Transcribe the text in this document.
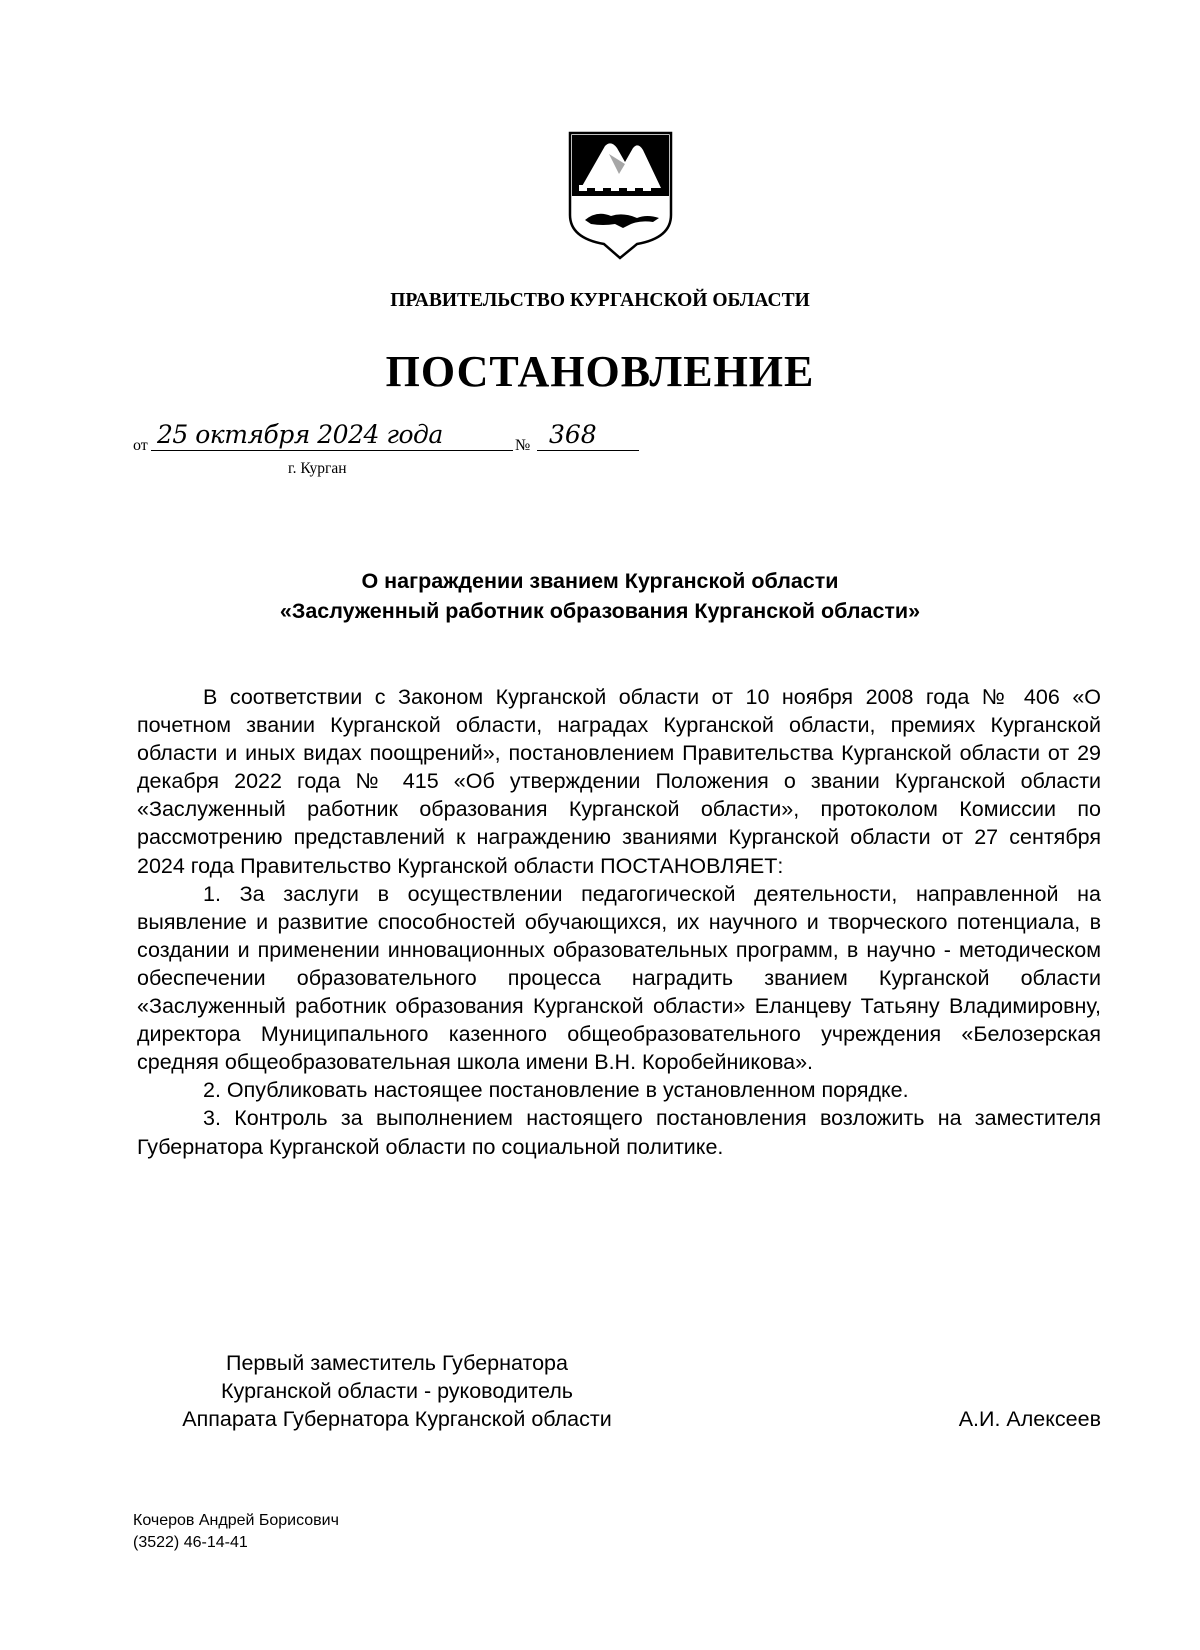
ПРАВИТЕЛЬСТВО КУРГАНСКОЙ ОБЛАСТИ
ПОСТАНОВЛЕНИЕ
от 25 октября 2024 года	№ 368
г. Курган
О награждении званием Курганской области
«Заслуженный работник образования Курганской области»

В соответствии с Законом Курганской области от 10 ноября 2008 года № 406 «О почетном звании Курганской области, наградах Курганской области, премиях Курганской области и иных видах поощрений», постановлением Правительства Курганской области от 29 декабря 2022 года № 415 «Об утверждении Положения о звании Курганской области «Заслуженный работник образования Курганской области», протоколом Комиссии по рассмотрению представлений к награждению званиями Курганской области от 27 сентября 2024 года Правительство Курганской области ПОСТАНОВЛЯЕТ:

1. За заслуги в осуществлении педагогической деятельности, направленной на выявление и развитие способностей обучающихся, их научного и творческого потенциала, в создании и применении инновационных образовательных программ, в научно - методическом обеспечении образовательного процесса наградить званием Курганской области «Заслуженный работник образования Курганской области» Еланцеву Татьяну Владимировну, директора Муниципального казенного общеобразовательного учреждения «Белозерская средняя общеобразовательная школа имени В.Н. Коробейникова».

2. Опубликовать настоящее постановление в установленном порядке.

3. Контроль за выполнением настоящего постановления возложить на заместителя Губернатора Курганской области по социальной политике.

Первый заместитель Губернатора
Курганской области - руководитель
Аппарата Губернатора Курганской области	А.И. Алексеев
Кочеров Андрей Борисович
(3522) 46-14-41
